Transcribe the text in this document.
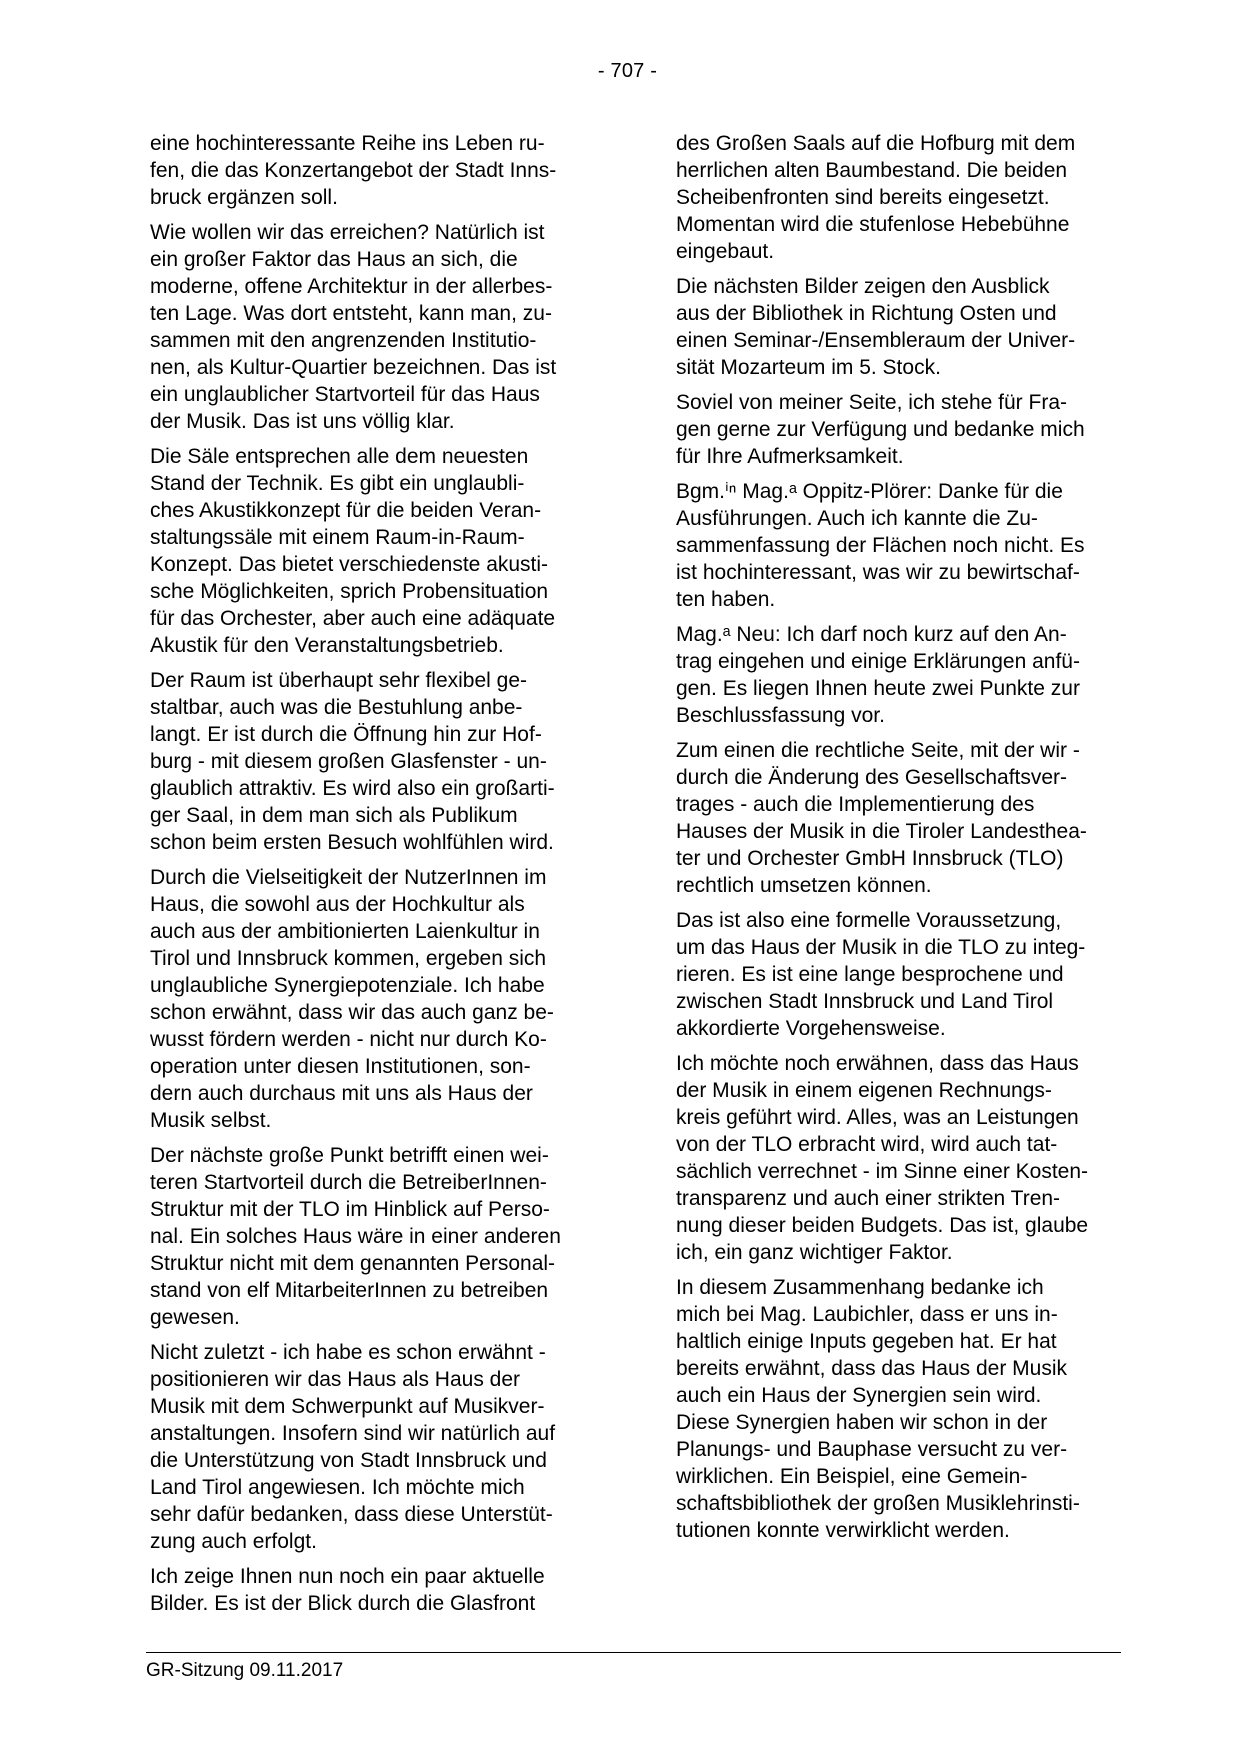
- 707 -

eine hochinteressante Reihe ins Leben ru-
fen, die das Konzertangebot der Stadt Inns-
bruck ergänzen soll.

Wie wollen wir das erreichen? Natürlich ist
ein großer Faktor das Haus an sich, die
moderne, offene Architektur in der allerbes-
ten Lage. Was dort entsteht, kann man, zu-
sammen mit den angrenzenden Institutio-
nen, als Kultur-Quartier bezeichnen. Das ist
ein unglaublicher Startvorteil für das Haus
der Musik. Das ist uns völlig klar.

Die Säle entsprechen alle dem neuesten
Stand der Technik. Es gibt ein unglaubli-
ches Akustikkonzept für die beiden Veran-
staltungssäle mit einem Raum-in-Raum-
Konzept. Das bietet verschiedenste akusti-
sche Möglichkeiten, sprich Probensituation
für das Orchester, aber auch eine adäquate
Akustik für den Veranstaltungsbetrieb.

Der Raum ist überhaupt sehr flexibel ge-
staltbar, auch was die Bestuhlung anbe-
langt. Er ist durch die Öffnung hin zur Hof-
burg - mit diesem großen Glasfenster - un-
glaublich attraktiv. Es wird also ein großarti-
ger Saal, in dem man sich als Publikum
schon beim ersten Besuch wohlfühlen wird.

Durch die Vielseitigkeit der NutzerInnen im
Haus, die sowohl aus der Hochkultur als
auch aus der ambitionierten Laienkultur in
Tirol und Innsbruck kommen, ergeben sich
unglaubliche Synergiepotenziale. Ich habe
schon erwähnt, dass wir das auch ganz be-
wusst fördern werden - nicht nur durch Ko-
operation unter diesen Institutionen, son-
dern auch durchaus mit uns als Haus der
Musik selbst.

Der nächste große Punkt betrifft einen wei-
teren Startvorteil durch die BetreiberInnen-
Struktur mit der TLO im Hinblick auf Perso-
nal. Ein solches Haus wäre in einer anderen
Struktur nicht mit dem genannten Personal-
stand von elf MitarbeiterInnen zu betreiben
gewesen.

Nicht zuletzt - ich habe es schon erwähnt -
positionieren wir das Haus als Haus der
Musik mit dem Schwerpunkt auf Musikver-
anstaltungen. Insofern sind wir natürlich auf
die Unterstützung von Stadt Innsbruck und
Land Tirol angewiesen. Ich möchte mich
sehr dafür bedanken, dass diese Unterstüt-
zung auch erfolgt.

Ich zeige Ihnen nun noch ein paar aktuelle
Bilder. Es ist der Blick durch die Glasfront

des Großen Saals auf die Hofburg mit dem
herrlichen alten Baumbestand. Die beiden
Scheibenfronten sind bereits eingesetzt.
Momentan wird die stufenlose Hebebühne
eingebaut.

Die nächsten Bilder zeigen den Ausblick
aus der Bibliothek in Richtung Osten und
einen Seminar-/Ensembleraum der Univer-
sität Mozarteum im 5. Stock.

Soviel von meiner Seite, ich stehe für Fra-
gen gerne zur Verfügung und bedanke mich
für Ihre Aufmerksamkeit.

Bgm.ⁱⁿ Mag.ᵃ Oppitz-Plörer: Danke für die
Ausführungen. Auch ich kannte die Zu-
sammenfassung der Flächen noch nicht. Es
ist hochinteressant, was wir zu bewirtschaf-
ten haben.

Mag.ᵃ Neu: Ich darf noch kurz auf den An-
trag eingehen und einige Erklärungen anfü-
gen. Es liegen Ihnen heute zwei Punkte zur
Beschlussfassung vor.

Zum einen die rechtliche Seite, mit der wir -
durch die Änderung des Gesellschaftsver-
trages - auch die Implementierung des
Hauses der Musik in die Tiroler Landesthea-
ter und Orchester GmbH Innsbruck (TLO)
rechtlich umsetzen können.

Das ist also eine formelle Voraussetzung,
um das Haus der Musik in die TLO zu integ-
rieren. Es ist eine lange besprochene und
zwischen Stadt Innsbruck und Land Tirol
akkordierte Vorgehensweise.

Ich möchte noch erwähnen, dass das Haus
der Musik in einem eigenen Rechnungs-
kreis geführt wird. Alles, was an Leistungen
von der TLO erbracht wird, wird auch tat-
sächlich verrechnet - im Sinne einer Kosten-
transparenz und auch einer strikten Tren-
nung dieser beiden Budgets. Das ist, glaube
ich, ein ganz wichtiger Faktor.

In diesem Zusammenhang bedanke ich
mich bei Mag. Laubichler, dass er uns in-
haltlich einige Inputs gegeben hat. Er hat
bereits erwähnt, dass das Haus der Musik
auch ein Haus der Synergien sein wird.
Diese Synergien haben wir schon in der
Planungs- und Bauphase versucht zu ver-
wirklichen. Ein Beispiel, eine Gemein-
schaftsbibliothek der großen Musiklehrinsti-
tutionen konnte verwirklicht werden.

GR-Sitzung 09.11.2017
